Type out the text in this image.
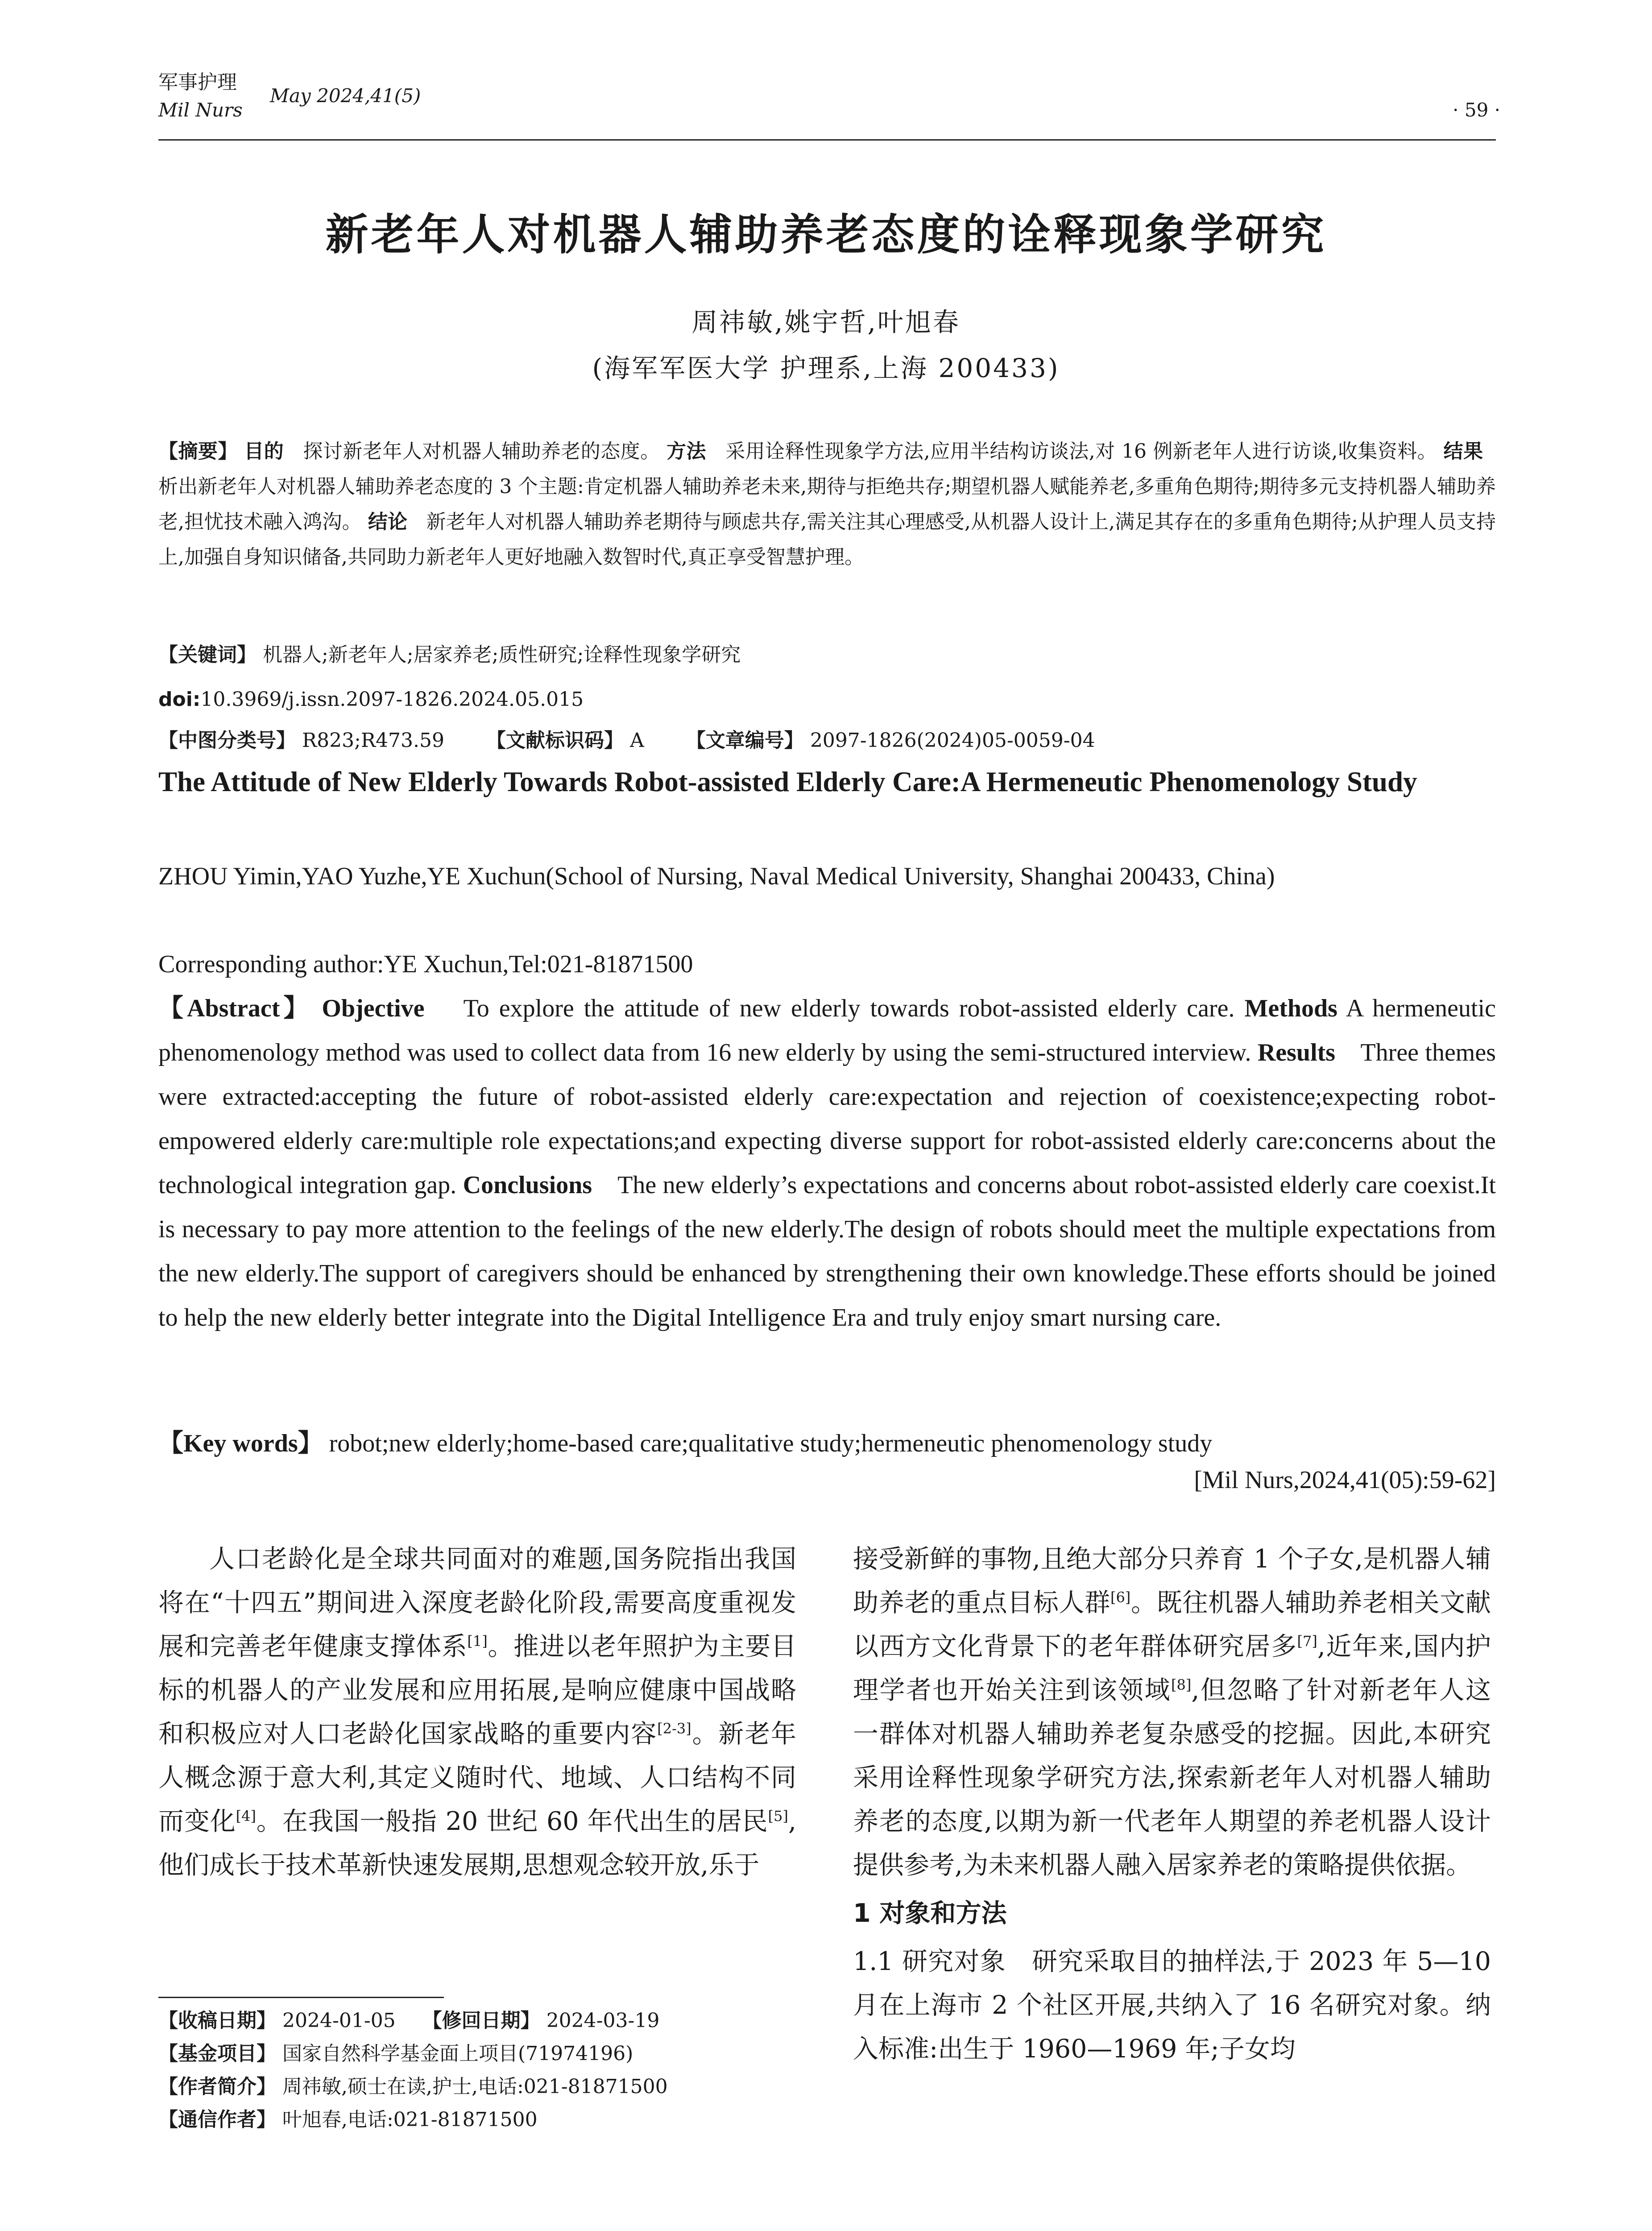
军事护理
May 2024,41(5)
Mil Nurs	· 59 ·
新老年人对机器人辅助养老态度的诠释现象学研究
周祎敏,姚宇哲,叶旭春
(海军军医大学 护理系,上海 200433)
【摘要】 目的 探讨新老年人对机器人辅助养老的态度。 方法 采用诠释性现象学方法,应用半结构访谈法,对 16 例新老年人进行访谈,收集资料。 结果   析出新老年人对机器人辅助养老态度的 3 个主题:肯定机器人辅助养老未来,期待与拒绝共存;期望机器人赋能养老,多重角色期待;期待多元支持机器人辅助养老,担忧技术融入鸿沟。 结论 新老年人对机器人辅助养老期待与顾虑共存,需关注其心理感受,从机器人设计上,满足其存在的多重角色期待;从护理人员支持上,加强自身知识储备,共同助力新老年人更好地融入数智时代,真正享受智慧护理。
【关键词】 机器人;新老年人;居家养老;质性研究;诠释性现象学研究
doi:10.3969/j.issn.2097-1826.2024.05.015
【中图分类号】 R823;R473.59 【文献标识码】 A 【文章编号】 2097-1826(2024)05-0059-04
The Attitude of New Elderly Towards Robot-assisted Elderly Care:A Hermeneutic Phenomenology Study
ZHOU Yimin,YAO Yuzhe,YE Xuchun(School of Nursing, Naval Medical University, Shanghai 200433, China)
Corresponding author:YE Xuchun,Tel:021-81871500
【Abstract】 Objective To explore the attitude of new elderly towards robot-assisted elderly care. Methods A hermeneutic phenomenology method was used to collect data from 16 new elderly by using the semi-structured interview. Results Three themes were extracted:accepting the future of robot-assisted elderly care:expectation and rejection of coexistence;expecting robot-empowered elderly care:multiple role expectations;and expecting diverse support for robot-assisted elderly care:concerns about the technological integration gap. Conclusions The new elderly’s expectations and concerns about robot-assisted elderly care coexist.It is necessary to pay more attention to the feelings of the new elderly.The design of robots should meet the multiple expectations from the new elderly.The support of caregivers should be enhanced by strengthening their own knowledge.These efforts should be joined to help the new elderly better integrate into the Digital Intelligence Era and truly enjoy smart nursing care.
【Key words】 robot;new elderly;home-based care;qualitative study;hermeneutic phenomenology study
[Mil Nurs,2024,41(05):59-62]

人口老龄化是全球共同面对的难题,国务院指出我国将在“十四五”期间进入深度老龄化阶段,需要高度重视发展和完善老年健康支撑体系[1]。推进以老年照护为主要目标的机器人的产业发展和应用拓展,是响应健康中国战略和积极应对人口老龄化国家战略的重要内容[2-3]。新老年人概念源于意大利,其定义随时代、地域、人口结构不同而变化[4]。在我国一般指 20 世纪 60 年代出生的居民[5],他们成长于技术革新快速发展期,思想观念较开放,乐于

【收稿日期】 2024-01-05 【修回日期】 2024-03-19
【基金项目】 国家自然科学基金面上项目(71974196)
【作者简介】 周祎敏,硕士在读,护士,电话:021-81871500
【通信作者】 叶旭春,电话:021-81871500

接受新鲜的事物,且绝大部分只养育 1 个子女,是机器人辅助养老的重点目标人群[6]。既往机器人辅助养老相关文献以西方文化背景下的老年群体研究居多[7],近年来,国内护理学者也开始关注到该领域[8],但忽略了针对新老年人这一群体对机器人辅助养老复杂感受的挖掘。因此,本研究采用诠释性现象学研究方法,探索新老年人对机器人辅助养老的态度,以期为新一代老年人期望的养老机器人设计提供参考,为未来机器人融入居家养老的策略提供依据。

1 对象和方法

1.1 研究对象 研究采取目的抽样法,于 2023 年 5—10 月在上海市 2 个社区开展,共纳入了 16 名研究对象。纳入标准:出生于 1960—1969 年;子女均
